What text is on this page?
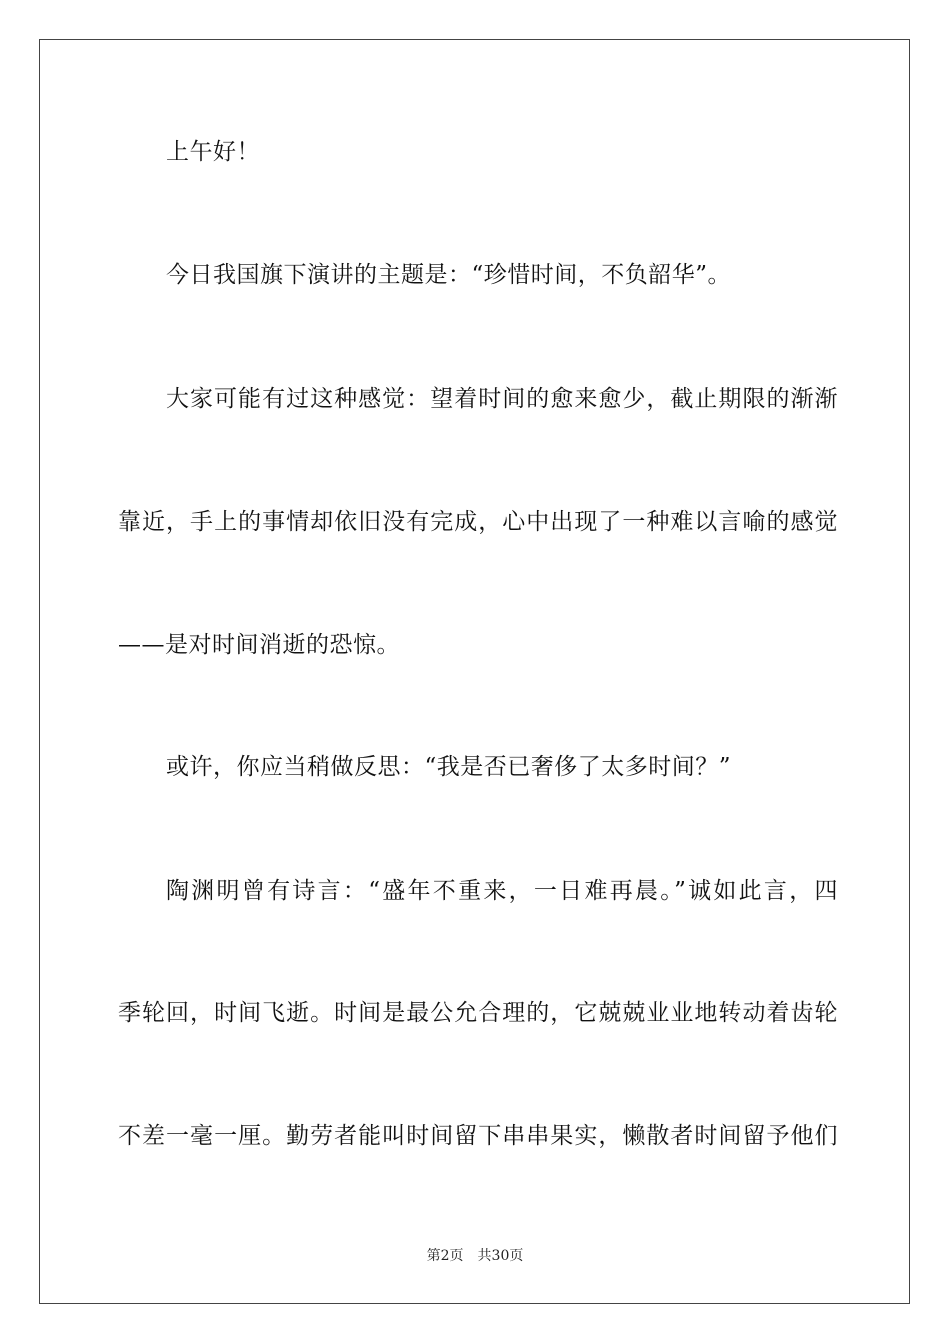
上午好！
今日我国旗下演讲的主题是：“珍惜时间，不负韶华”。
大家可能有过这种感觉：望着时间的愈来愈少，截止期限的渐渐
靠近，手上的事情却依旧没有完成，心中出现了一种难以言喻的感觉
——是对时间消逝的恐惊。
或许，你应当稍做反思：“我是否已奢侈了太多时间？”
陶渊明曾有诗言：“盛年不重来，一日难再晨。”诚如此言，四
季轮回，时间飞逝。时间是最公允合理的，它兢兢业业地转动着齿轮
不差一毫一厘。勤劳者能叫时间留下串串果实，懒散者时间留予他们
第2页 共30页
